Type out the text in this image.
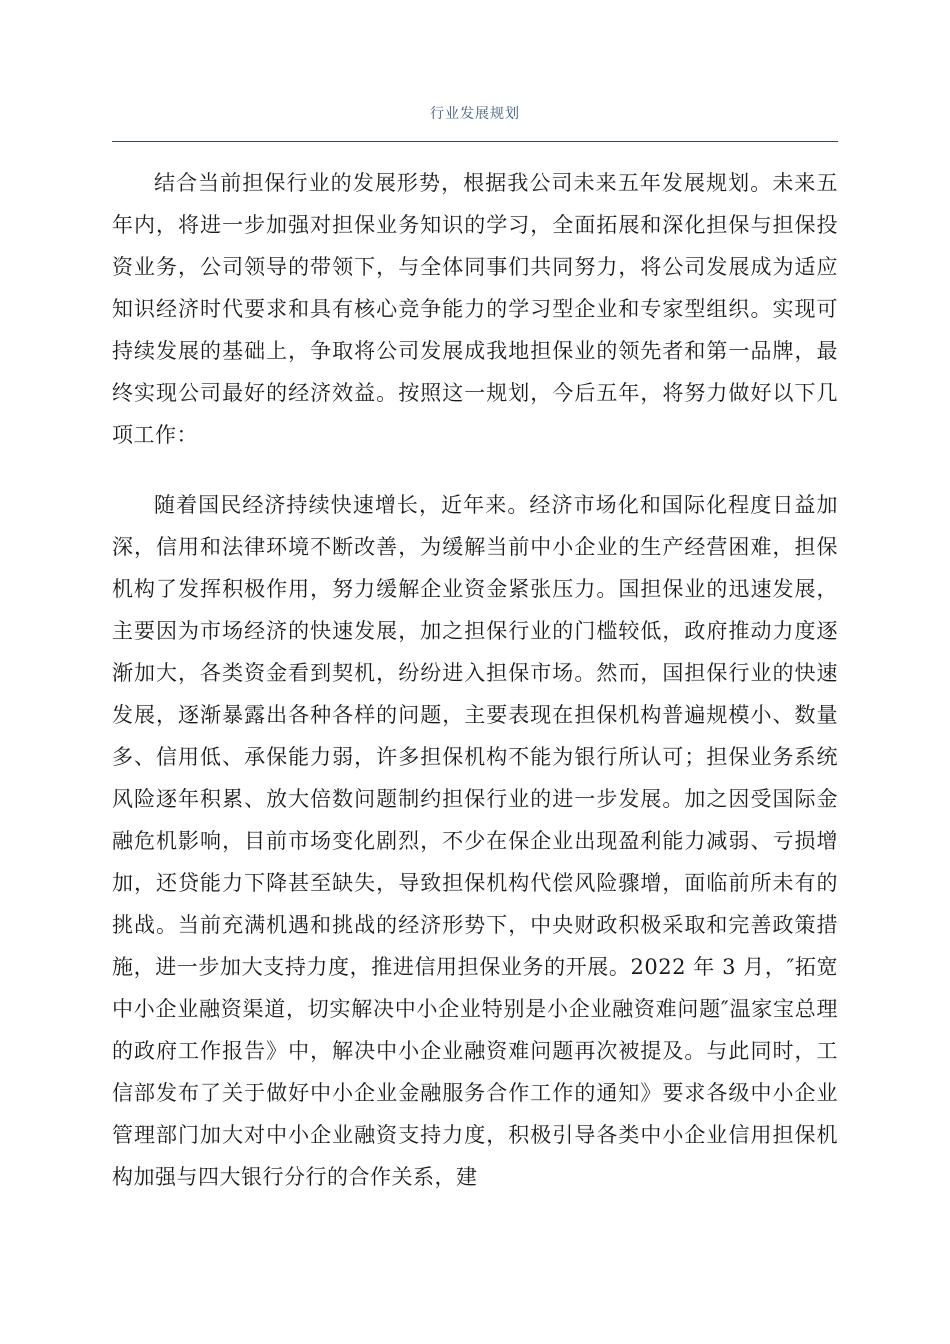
行业发展规划

结合当前担保行业的发展形势，根据我公司未来五年发展规划。未来五年内，将进一步加强对担保业务知识的学习，全面拓展和深化担保与担保投资业务，公司领导的带领下，与全体同事们共同努力，将公司发展成为适应知识经济时代要求和具有核心竞争能力的学习型企业和专家型组织。实现可持续发展的基础上，争取将公司发展成我地担保业的领先者和第一品牌，最终实现公司最好的经济效益。按照这一规划，今后五年，将努力做好以下几项工作：

随着国民经济持续快速增长，近年来。经济市场化和国际化程度日益加深，信用和法律环境不断改善，为缓解当前中小企业的生产经营困难，担保机构了发挥积极作用，努力缓解企业资金紧张压力。国担保业的迅速发展，主要因为市场经济的快速发展，加之担保行业的门槛较低，政府推动力度逐渐加大，各类资金看到契机，纷纷进入担保市场。然而，国担保行业的快速发展，逐渐暴露出各种各样的问题，主要表现在担保机构普遍规模小、数量多、信用低、承保能力弱，许多担保机构不能为银行所认可；担保业务系统风险逐年积累、放大倍数问题制约担保行业的进一步发展。加之因受国际金融危机影响，目前市场变化剧烈，不少在保企业出现盈利能力减弱、亏损增加，还贷能力下降甚至缺失，导致担保机构代偿风险骤增，面临前所未有的挑战。当前充满机遇和挑战的经济形势下，中央财政积极采取和完善政策措施，进一步加大支持力度，推进信用担保业务的开展。2022 年 3 月，″拓宽中小企业融资渠道，切实解决中小企业特别是小企业融资难问题″温家宝总理的政府工作报告》中，解决中小企业融资难问题再次被提及。与此同时，工信部发布了关于做好中小企业金融服务合作工作的通知》要求各级中小企业管理部门加大对中小企业融资支持力度，积极引导各类中小企业信用担保机构加强与四大银行分行的合作关系，建
